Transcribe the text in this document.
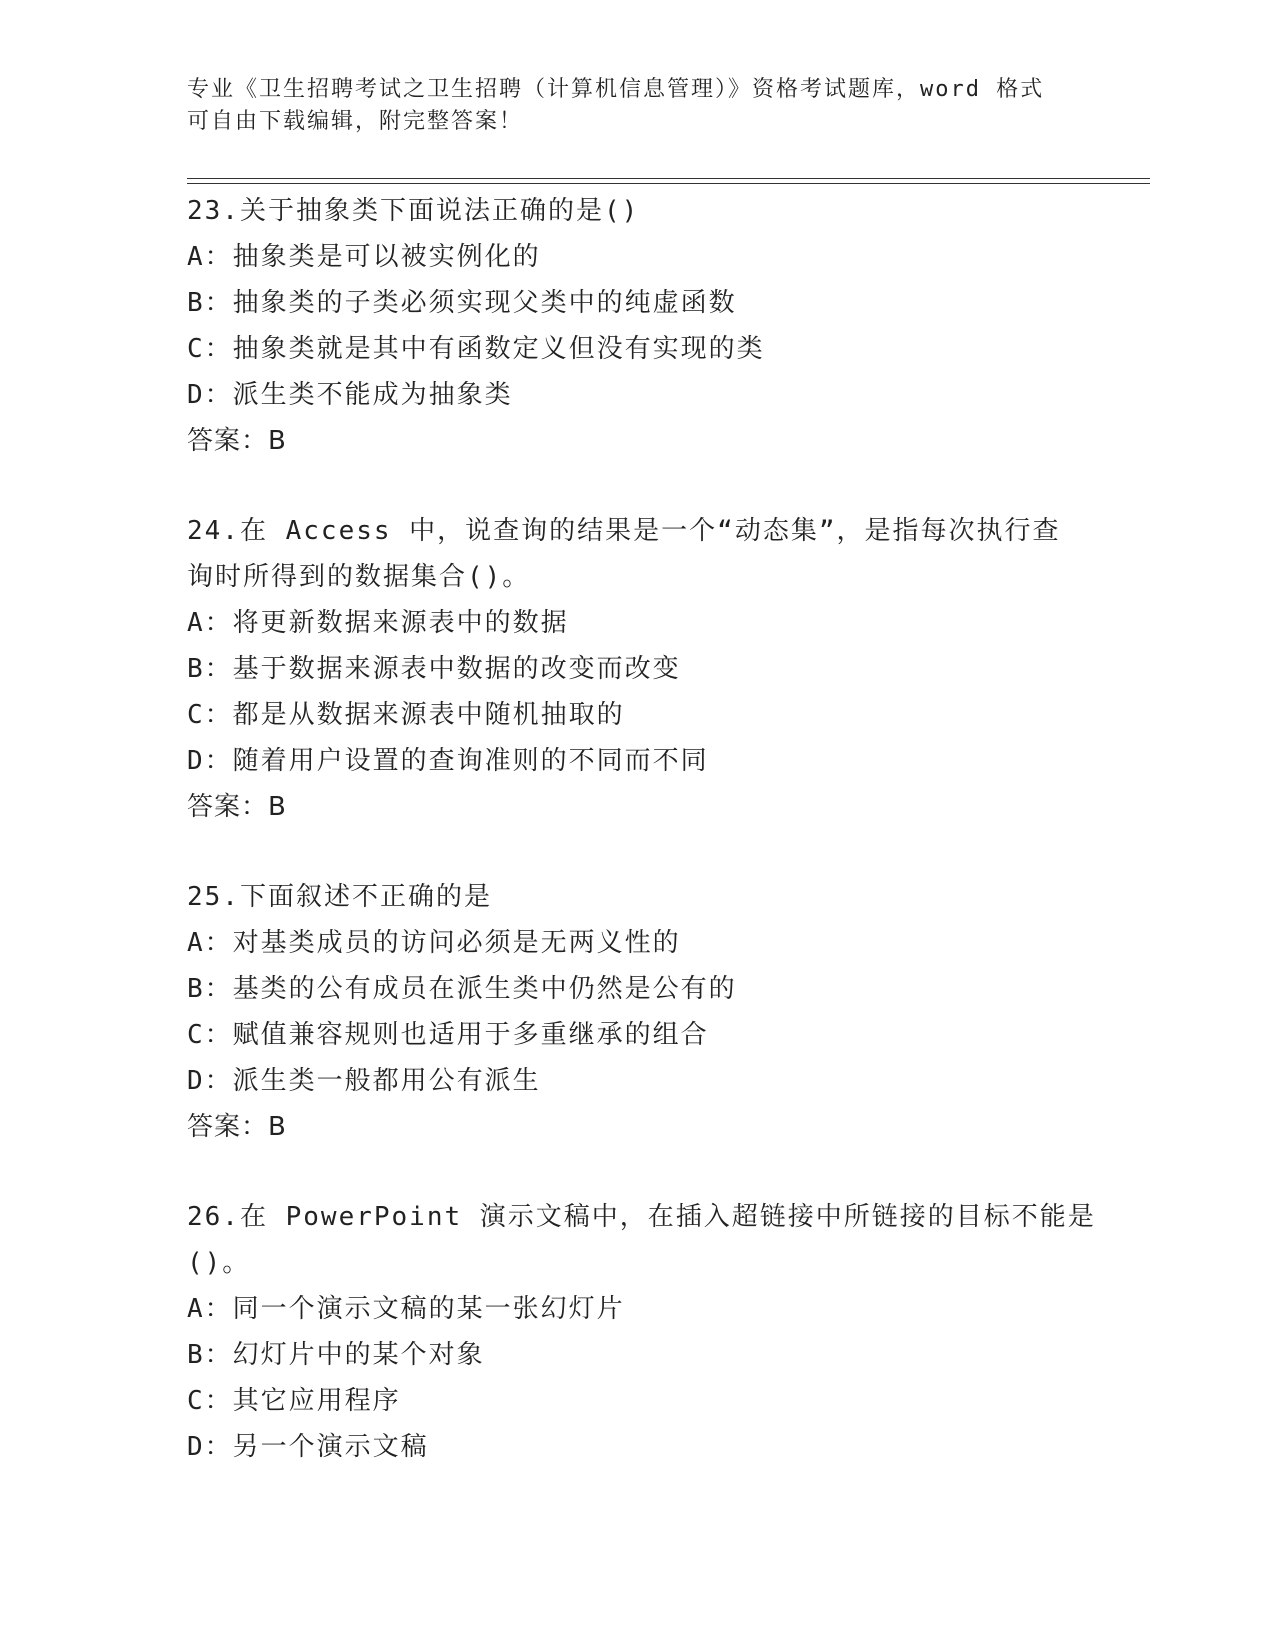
专业《卫生招聘考试之卫生招聘（计算机信息管理）》资格考试题库，word 格式
可自由下载编辑，附完整答案！
23.关于抽象类下面说法正确的是()
A：抽象类是可以被实例化的
B：抽象类的子类必须实现父类中的纯虚函数
C：抽象类就是其中有函数定义但没有实现的类
D：派生类不能成为抽象类
答案：B
24.在 Access 中，说查询的结果是一个“动态集”，是指每次执行查
询时所得到的数据集合()。
A：将更新数据来源表中的数据
B：基于数据来源表中数据的改变而改变
C：都是从数据来源表中随机抽取的
D：随着用户设置的查询准则的不同而不同
答案：B
25.下面叙述不正确的是
A：对基类成员的访问必须是无两义性的
B：基类的公有成员在派生类中仍然是公有的
C：赋值兼容规则也适用于多重继承的组合
D：派生类一般都用公有派生
答案：B
26.在 PowerPoint 演示文稿中，在插入超链接中所链接的目标不能是
()。
A：同一个演示文稿的某一张幻灯片
B：幻灯片中的某个对象
C：其它应用程序
D：另一个演示文稿
